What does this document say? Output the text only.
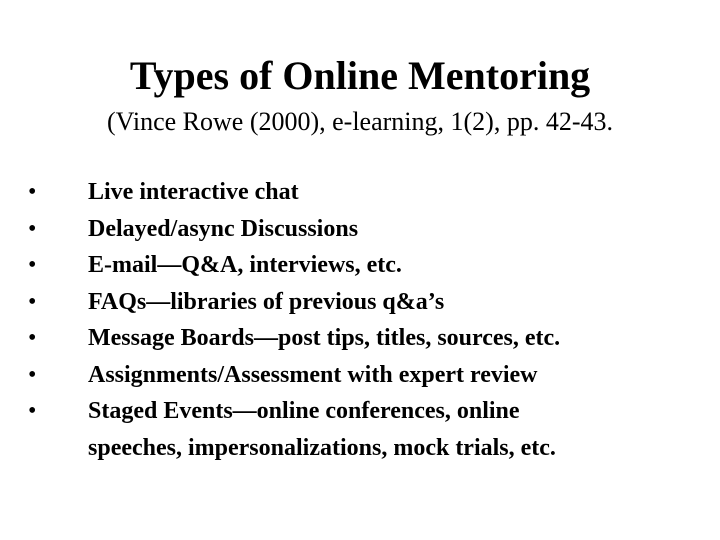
Types of Online Mentoring
(Vince Rowe (2000), e-learning, 1(2), pp. 42-43.
•	Live interactive chat
•	Delayed/async Discussions
•	E-mail—Q&A, interviews, etc.
•	FAQs—libraries of previous q&a’s
•	Message Boards—post tips, titles, sources, etc.
•	Assignments/Assessment with expert review
•	Staged Events—online conferences, online
speeches, impersonalizations, mock trials, etc.
